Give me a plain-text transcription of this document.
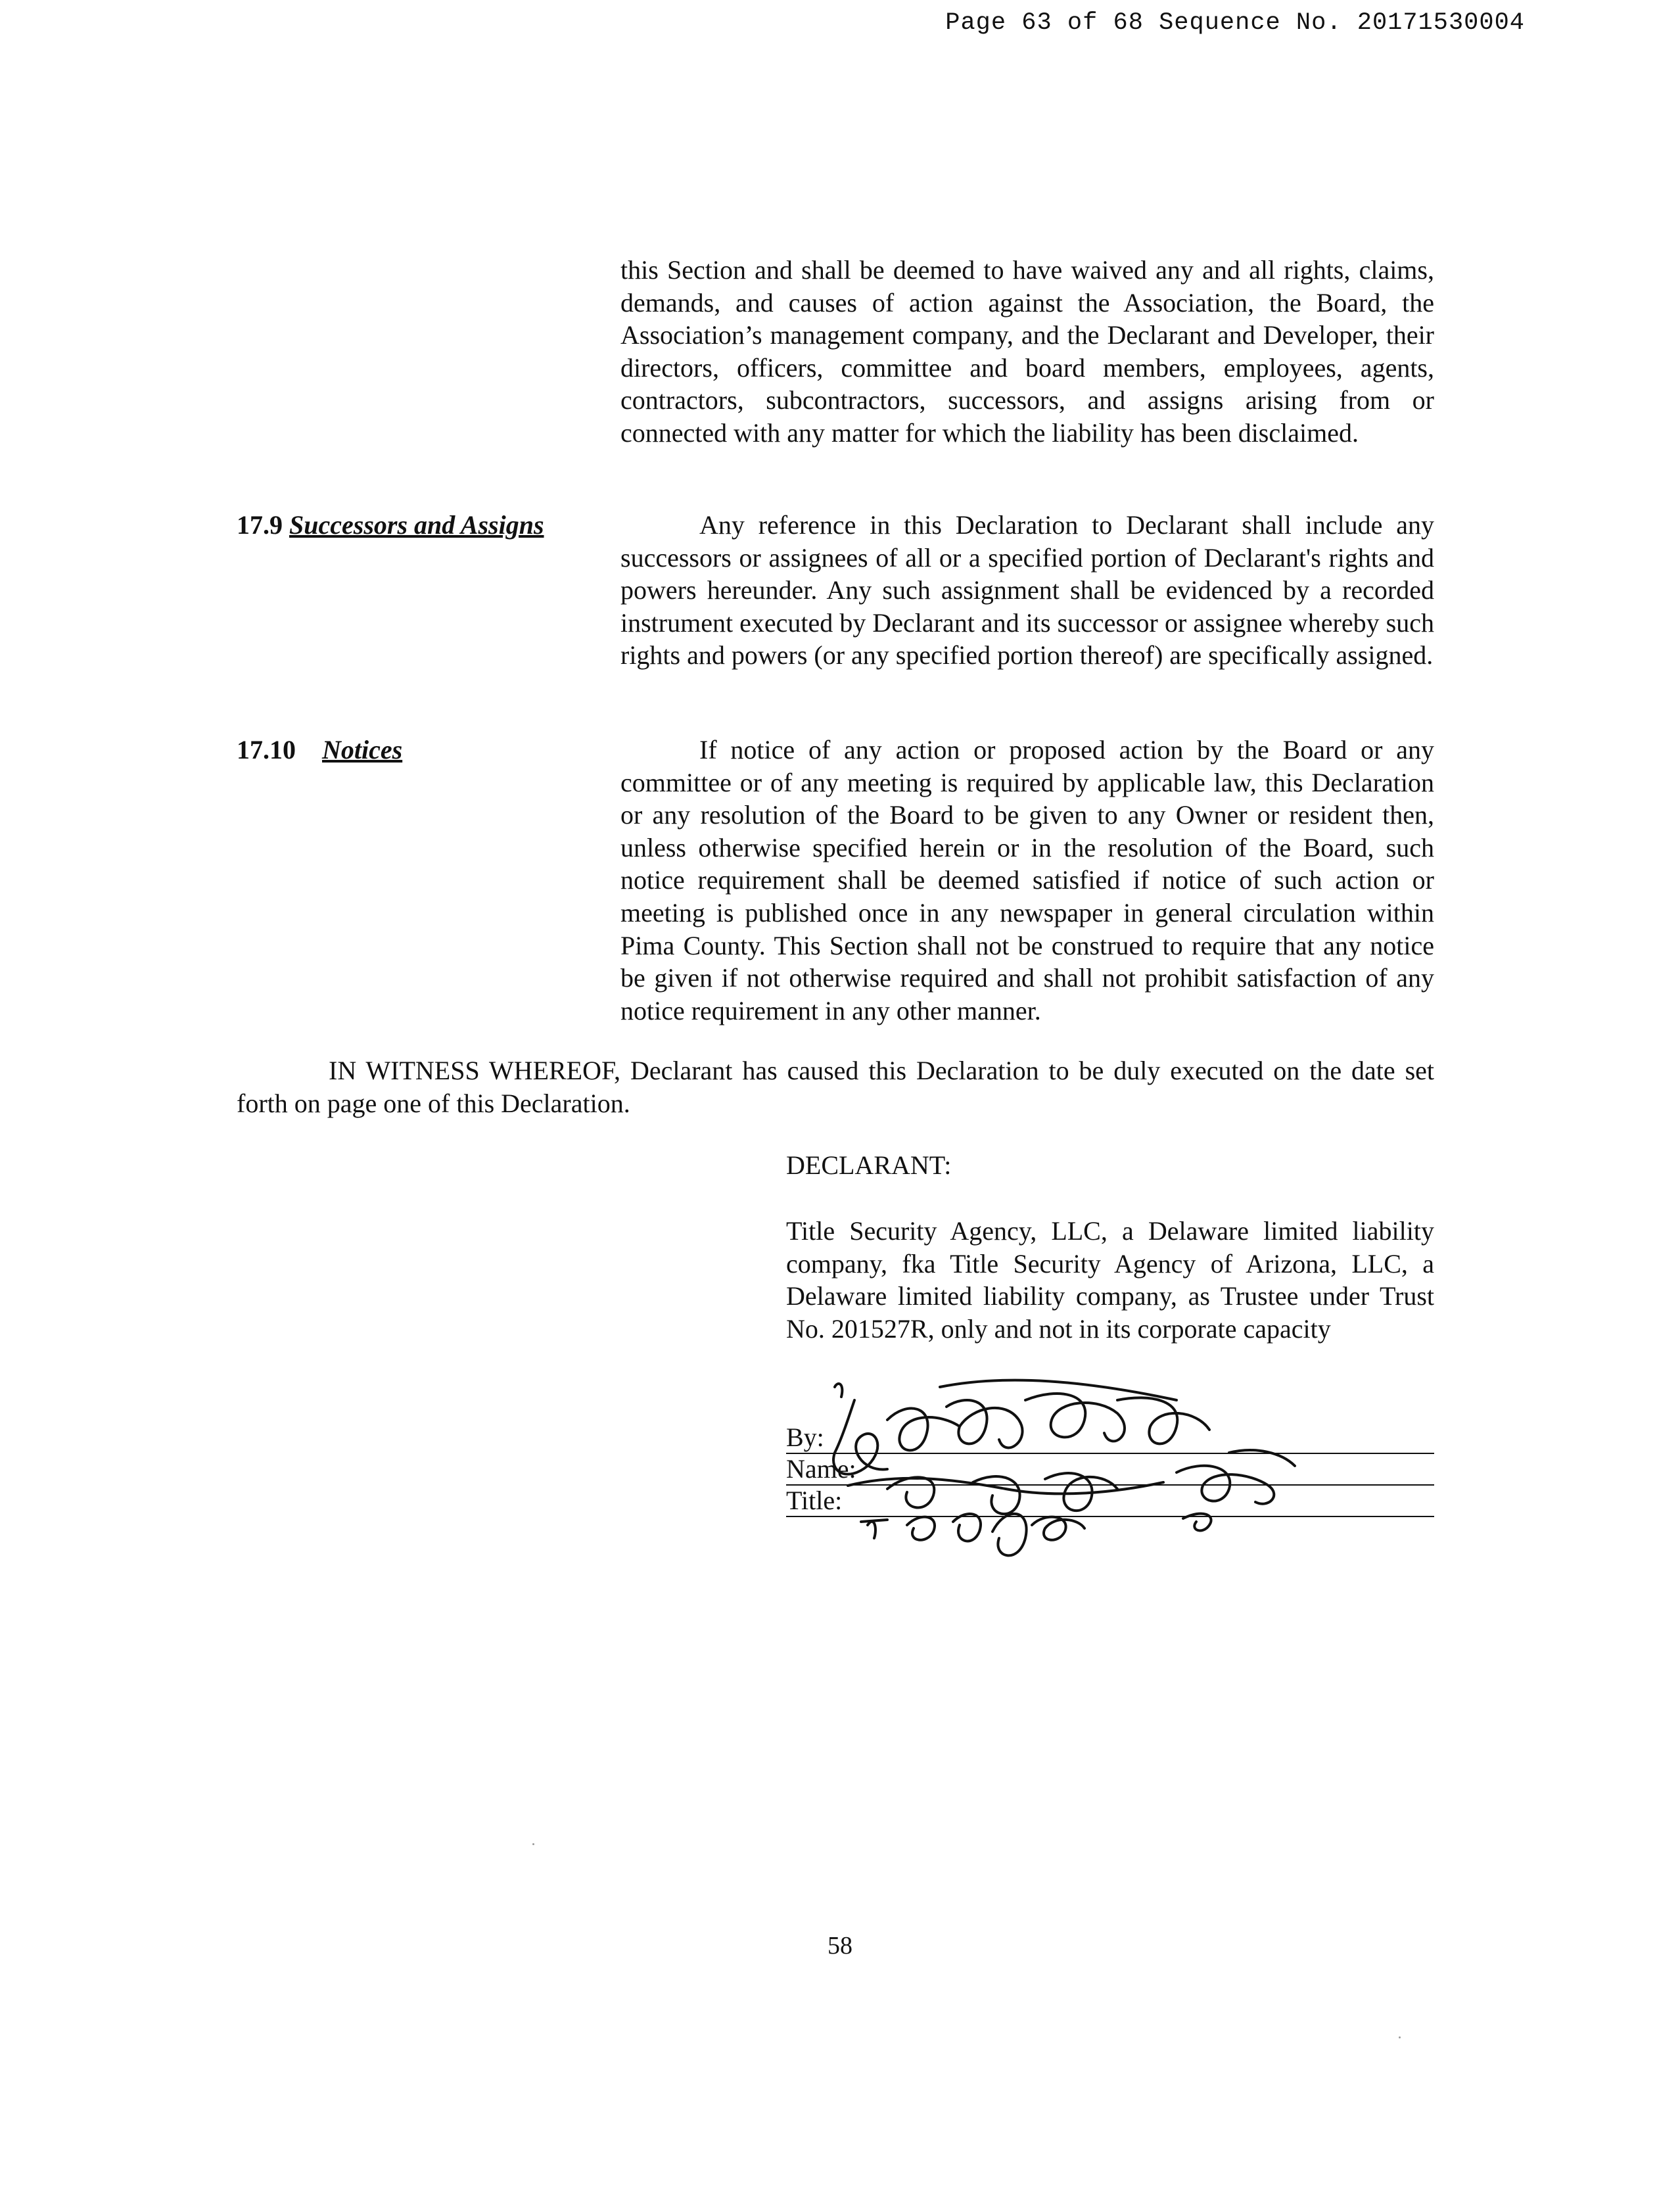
Page 63 of 68 Sequence No. 20171530004

this Section and shall be deemed to have waived any and all rights, claims, demands, and causes of action against the Association, the Board, the Association’s management company, and the Declarant and Developer, their directors, officers, committee and board members, employees, agents, contractors, subcontractors, successors, and assigns arising from or connected with any matter for which the liability has been disclaimed.

17.9 Successors and Assigns	Any reference in this Declaration to Declarant shall include any successors or assignees of all or a specified portion of Declarant's rights and powers hereunder. Any such assignment shall be evidenced by a recorded instrument executed by Declarant and its successor or assignee whereby such rights and powers (or any specified portion thereof) are specifically assigned.

17.10 Notices	If notice of any action or proposed action by the Board or any committee or of any meeting is required by applicable law, this Declaration or any resolution of the Board to be given to any Owner or resident then, unless otherwise specified herein or in the resolution of the Board, such notice requirement shall be deemed satisfied if notice of such action or meeting is published once in any newspaper in general circulation within Pima County. This Section shall not be construed to require that any notice be given if not otherwise required and shall not prohibit satisfaction of any notice requirement in any other manner.

IN WITNESS WHEREOF, Declarant has caused this Declaration to be duly executed on the date set forth on page one of this Declaration.

DECLARANT:

Title Security Agency, LLC, a Delaware limited liability company, fka Title Security Agency of Arizona, LLC, a Delaware limited liability company, as Trustee under Trust No. 201527R, only and not in its corporate capacity

By:
Name:
Title:

58
